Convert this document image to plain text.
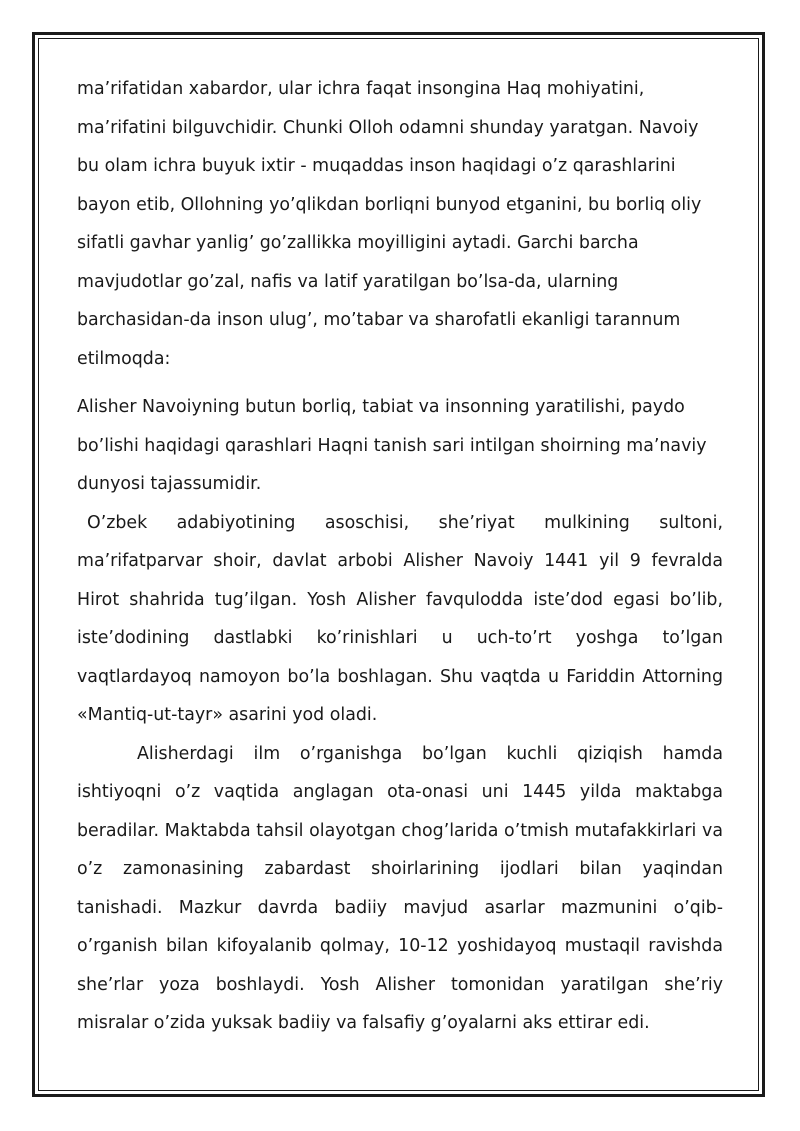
ma’rifatidan xabardor, ular ichra faqat insongina Haq mohiyatini, ma’rifatini bilguvchidir. Chunki Olloh odamni shunday yaratgan. Navoiy bu olam ichra buyuk ixtir - muqaddas inson haqidagi o’z qarashlarini bayon etib, Ollohning yo’qlikdan borliqni bunyod etganini, bu borliq oliy sifatli gavhar yanlig’ go’zallikka moyilligini aytadi. Garchi barcha mavjudotlar go’zal, nafis va latif yaratilgan bo’lsa-da, ularning barchasidan-da inson ulug’, mo’tabar va sharofatli ekanligi tarannum etilmoqda:

Alisher Navoiyning butun borliq, tabiat va insonning yaratilishi, paydo bo’lishi haqidagi qarashlari Haqni tanish sari intilgan shoirning ma’naviy dunyosi tajassumidir.

O’zbek adabiyotining asoschisi, she’riyat mulkining sultoni, ma’rifatparvar shoir, davlat arbobi Alisher Navoiy 1441 yil 9 fevralda Hirot shahrida tug’ilgan. Yosh Alisher favqulodda iste’dod egasi bo’lib, iste’dodining dastlabki ko’rinishlari u uch-to’rt yoshga to’lgan vaqtlardayoq namoyon bo’la boshlagan. Shu vaqtda u Fariddin Attorning «Mantiq-ut-tayr» asarini yod oladi.

Alisherdagi ilm o’rganishga bo’lgan kuchli qiziqish hamda ishtiyoqni o’z vaqtida anglagan ota-onasi uni 1445 yilda maktabga beradilar. Maktabda tahsil olayotgan chog’larida o’tmish mutafakkirlari va o’z zamonasining zabardast shoirlarining ijodlari bilan yaqindan tanishadi. Mazkur davrda badiiy mavjud asarlar mazmunini o’qib-o’rganish bilan kifoyalanib qolmay, 10-12 yoshidayoq mustaqil ravishda she’rlar yoza boshlaydi. Yosh Alisher tomonidan yaratilgan she’riy misralar o’zida yuksak badiiy va falsafiy g’oyalarni aks ettirar edi.
